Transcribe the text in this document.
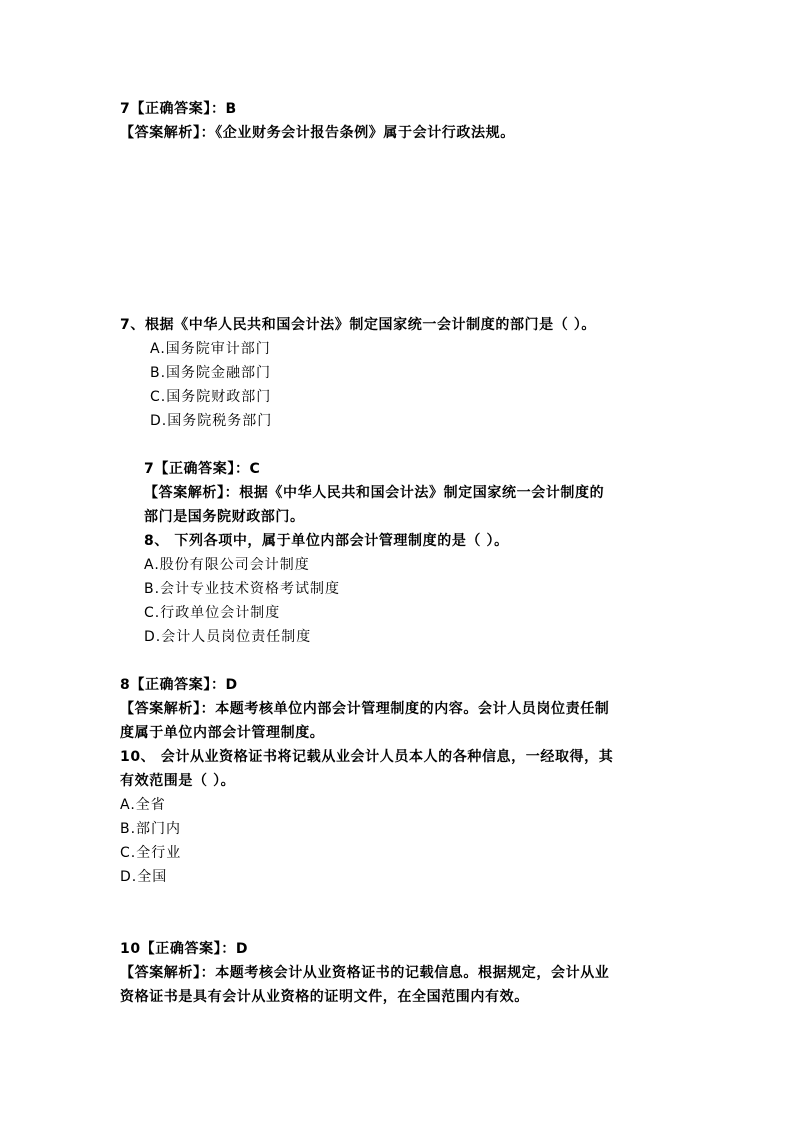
7【正确答案】：B
【答案解析】：《企业财务会计报告条例》属于会计行政法规。
7、根据《中华人民共和国会计法》制定国家统一会计制度的部门是（ ）。
A.国务院审计部门
B.国务院金融部门
C.国务院财政部门
D.国务院税务部门
7【正确答案】：C
【答案解析】：根据《中华人民共和国会计法》制定国家统一会计制度的
部门是国务院财政部门。
8、 下列各项中，属于单位内部会计管理制度的是（ ）。
A.股份有限公司会计制度
B.会计专业技术资格考试制度
C.行政单位会计制度
D.会计人员岗位责任制度
8【正确答案】：D
【答案解析】：本题考核单位内部会计管理制度的内容。会计人员岗位责任制
度属于单位内部会计管理制度。
10、 会计从业资格证书将记载从业会计人员本人的各种信息，一经取得，其
有效范围是（ ）。
A.全省
B.部门内
C.全行业
D.全国
10【正确答案】：D
【答案解析】：本题考核会计从业资格证书的记载信息。根据规定，会计从业
资格证书是具有会计从业资格的证明文件，在全国范围内有效。
